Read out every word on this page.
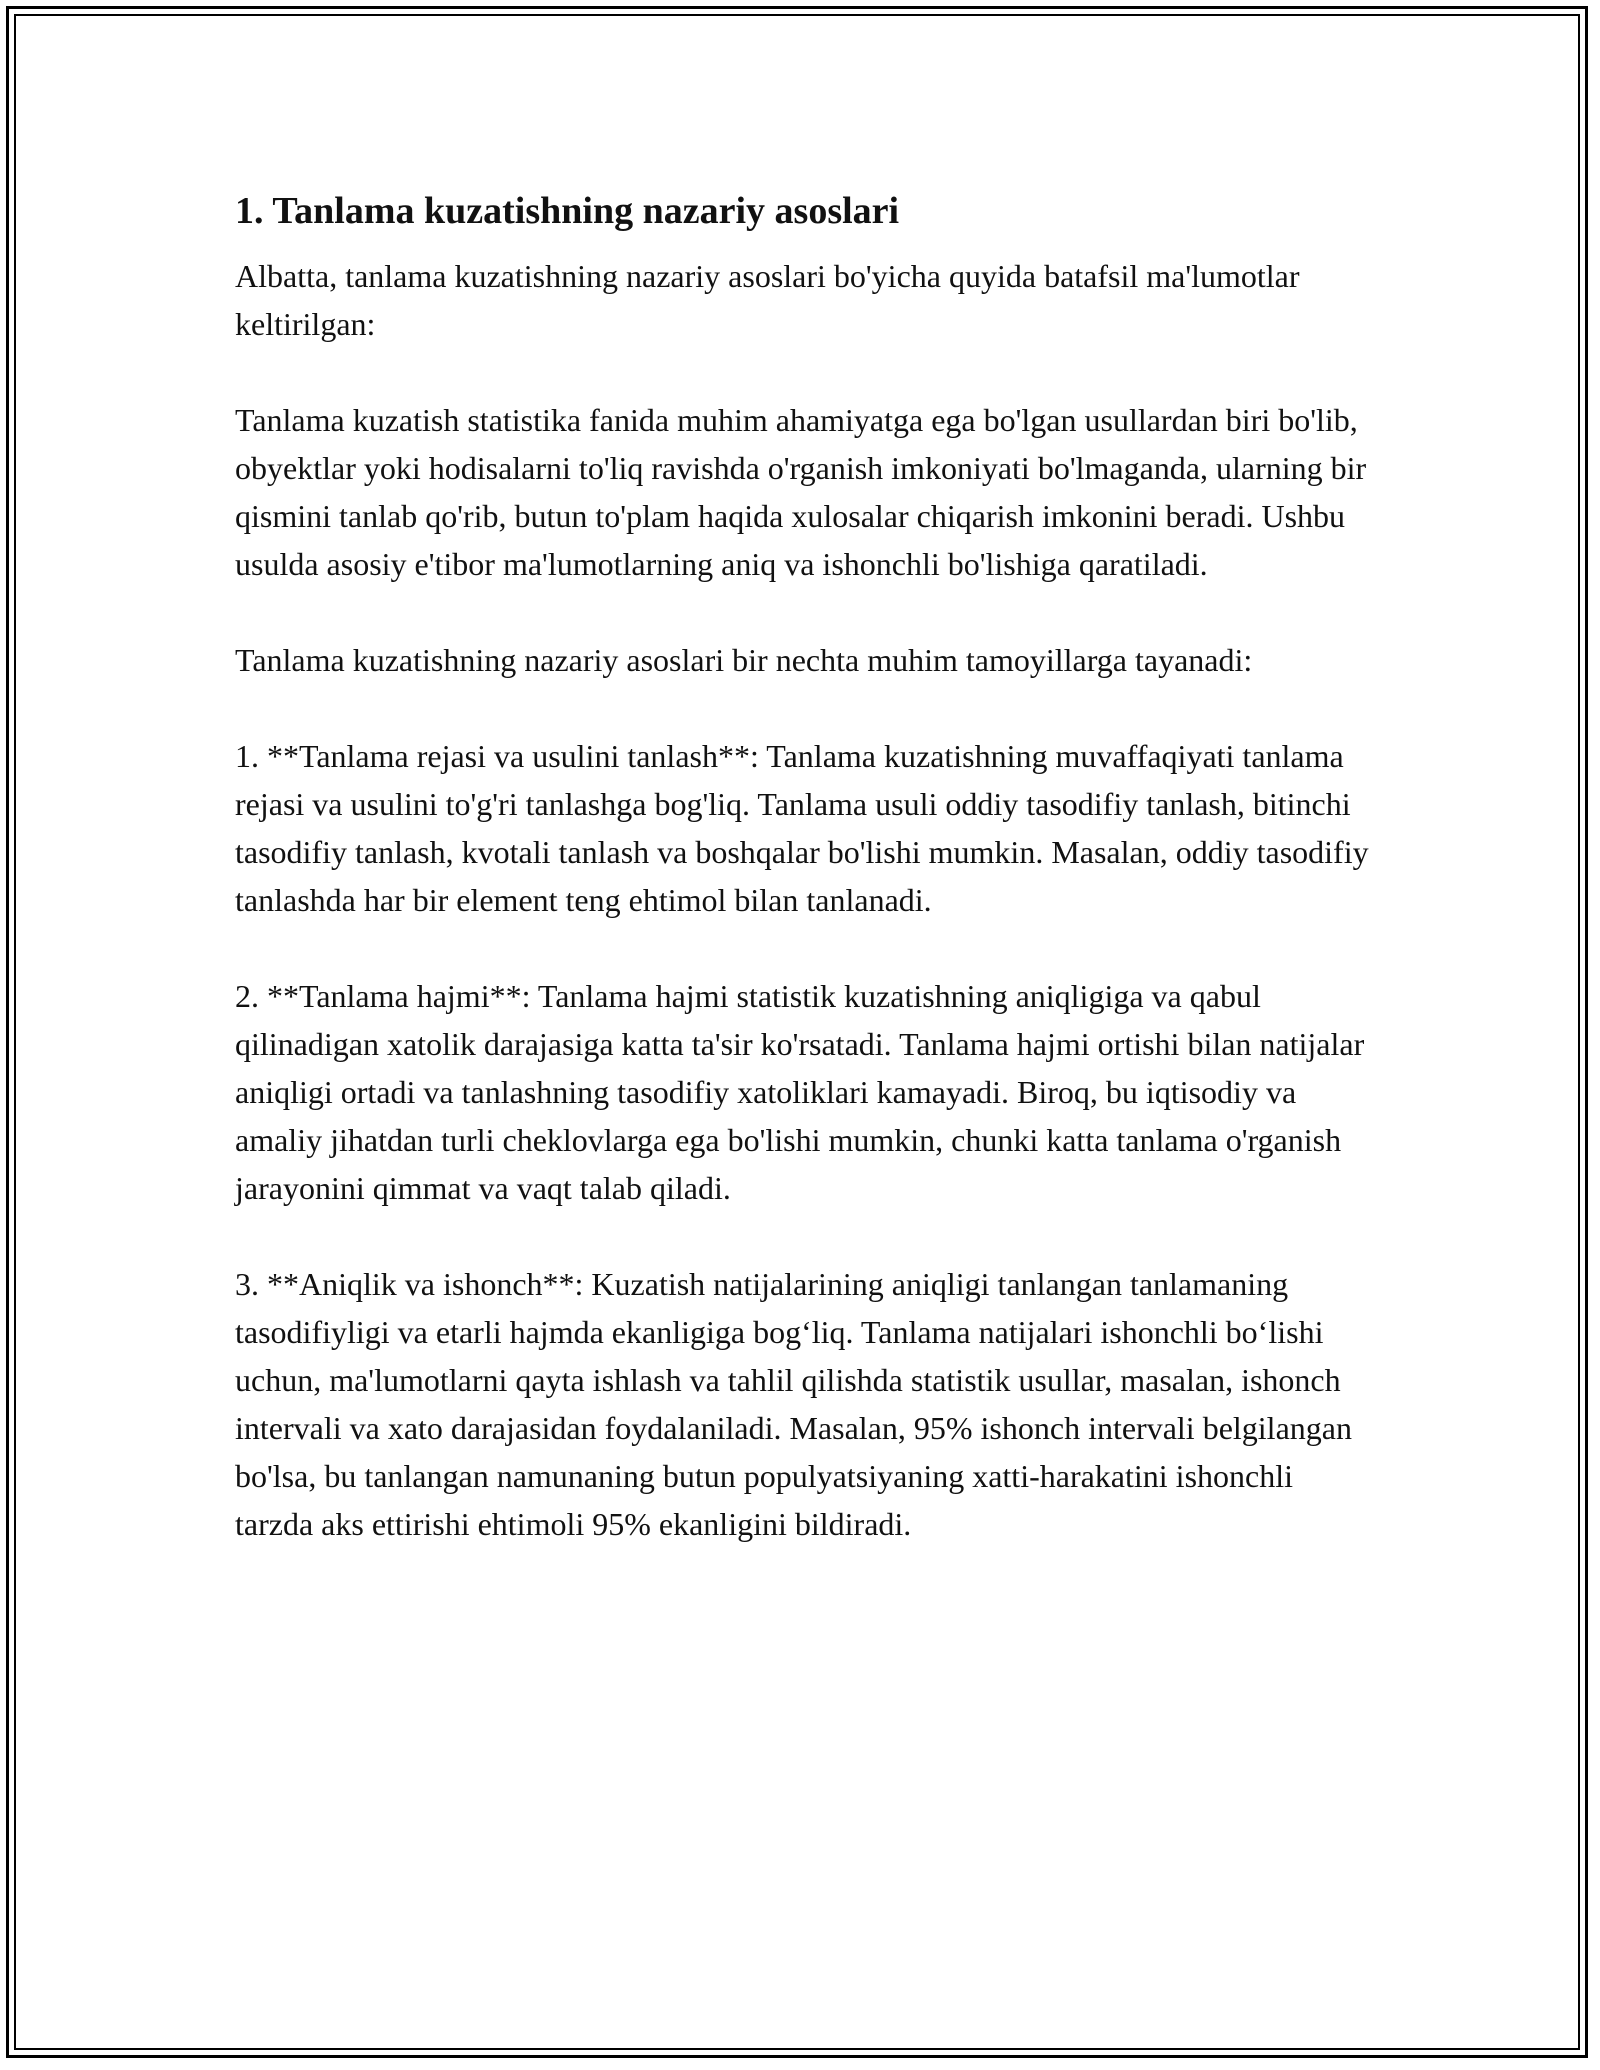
1. Tanlama kuzatishning nazariy asoslari

Albatta, tanlama kuzatishning nazariy asoslari bo'yicha quyida batafsil ma'lumotlar keltirilgan:

Tanlama kuzatish statistika fanida muhim ahamiyatga ega bo'lgan usullardan biri bo'lib, obyektlar yoki hodisalarni to'liq ravishda o'rganish imkoniyati bo'lmaganda, ularning bir qismini tanlab qo'rib, butun to'plam haqida xulosalar chiqarish imkonini beradi. Ushbu usulda asosiy e'tibor ma'lumotlarning aniq va ishonchli bo'lishiga qaratiladi.

Tanlama kuzatishning nazariy asoslari bir nechta muhim tamoyillarga tayanadi:

1. **Tanlama rejasi va usulini tanlash**: Tanlama kuzatishning muvaffaqiyati tanlama rejasi va usulini to'g'ri tanlashga bog'liq. Tanlama usuli oddiy tasodifiy tanlash, bitinchi tasodifiy tanlash, kvotali tanlash va boshqalar bo'lishi mumkin. Masalan, oddiy tasodifiy tanlashda har bir element teng ehtimol bilan tanlanadi.

2. **Tanlama hajmi**: Tanlama hajmi statistik kuzatishning aniqligiga va qabul qilinadigan xatolik darajasiga katta ta'sir ko'rsatadi. Tanlama hajmi ortishi bilan natijalar aniqligi ortadi va tanlashning tasodifiy xatoliklari kamayadi. Biroq, bu iqtisodiy va amaliy jihatdan turli cheklovlarga ega bo'lishi mumkin, chunki katta tanlama o'rganish jarayonini qimmat va vaqt talab qiladi.

3. **Aniqlik va ishonch**: Kuzatish natijalarining aniqligi tanlangan tanlamaning tasodifiyligi va etarli hajmda ekanligiga bog‘liq. Tanlama natijalari ishonchli bo‘lishi uchun, ma'lumotlarni qayta ishlash va tahlil qilishda statistik usullar, masalan, ishonch intervali va xato darajasidan foydalaniladi. Masalan, 95% ishonch intervali belgilangan bo'lsa, bu tanlangan namunaning butun populyatsiyaning xatti-harakatini ishonchli tarzda aks ettirishi ehtimoli 95% ekanligini bildiradi.
